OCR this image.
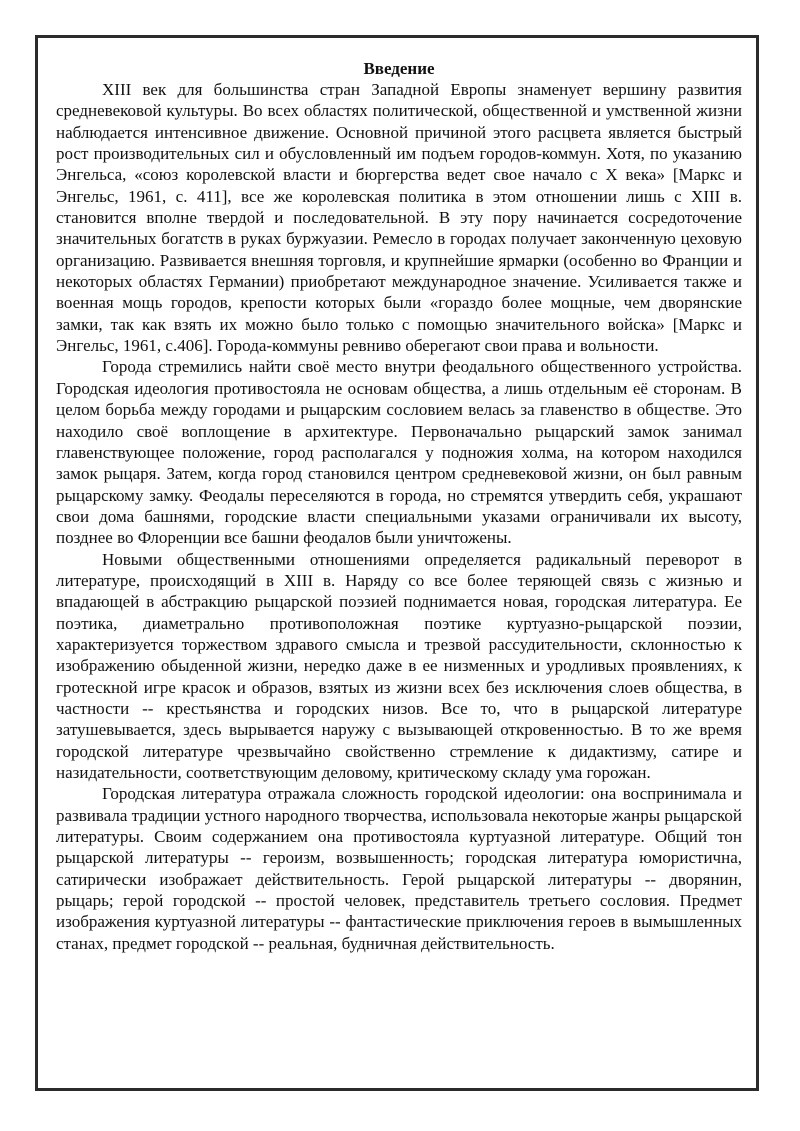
Введение

XIII век для большинства стран Западной Европы знаменует вершину развития средневековой культуры. Во всех областях политической, общественной и умственной жизни наблюдается интенсивное движение. Основной причиной этого расцвета является быстрый рост производительных сил и обусловленный им подъем городов-коммун. Хотя, по указанию Энгельса, «союз королевской власти и бюргерства ведет свое начало с X века» [Маркс и Энгельс, 1961, с. 411], все же королевская политика в этом отношении лишь с XIII в. становится вполне твердой и последовательной. В эту пору начинается сосредоточение значительных богатств в руках буржуазии. Ремесло в городах получает законченную цеховую организацию. Развивается внешняя торговля, и крупнейшие ярмарки (особенно во Франции и некоторых областях Германии) приобретают международное значение. Усиливается также и военная мощь городов, крепости которых были «гораздо более мощные, чем дворянские замки, так как взять их можно было только с помощью значительного войска» [Маркс и Энгельс, 1961, с.406]. Города-коммуны ревниво оберегают свои права и вольности.

Города стремились найти своё место внутри феодального общественного устройства. Городская идеология противостояла не основам общества, а лишь отдельным её сторонам. В целом борьба между городами и рыцарским сословием велась за главенство в обществе. Это находило своё воплощение в архитектуре. Первоначально рыцарский замок занимал главенствующее положение, город располагался у подножия холма, на котором находился замок рыцаря. Затем, когда город становился центром средневековой жизни, он был равным рыцарскому замку. Феодалы переселяются в города, но стремятся утвердить себя, украшают свои дома башнями, городские власти специальными указами ограничивали их высоту, позднее во Флоренции все башни феодалов были уничтожены.

Новыми общественными отношениями определяется радикальный переворот в литературе, происходящий в XIII в. Наряду со все более теряющей связь с жизнью и впадающей в абстракцию рыцарской поэзией поднимается новая, городская литература. Ее поэтика, диаметрально противоположная поэтике куртуазно-рыцарской поэзии, характеризуется торжеством здравого смысла и трезвой рассудительности, склонностью к изображению обыденной жизни, нередко даже в ее низменных и уродливых проявлениях, к гротескной игре красок и образов, взятых из жизни всех без исключения слоев общества, в частности -- крестьянства и городских низов. Все то, что в рыцарской литературе затушевывается, здесь вырывается наружу с вызывающей откровенностью. В то же время городской литературе чрезвычайно свойственно стремление к дидактизму, сатире и назидательности, соответствующим деловому, критическому складу ума горожан.

Городская литература отражала сложность городской идеологии: она воспринимала и развивала традиции устного народного творчества, использовала некоторые жанры рыцарской литературы. Своим содержанием она противостояла куртуазной литературе. Общий тон рыцарской литературы -- героизм, возвышенность; городская литература юмористична, сатирически изображает действительность. Герой рыцарской литературы -- дворянин, рыцарь; герой городской -- простой человек, представитель третьего сословия. Предмет изображения куртуазной литературы -- фантастические приключения героев в вымышленных станах, предмет городской -- реальная, будничная действительность.
